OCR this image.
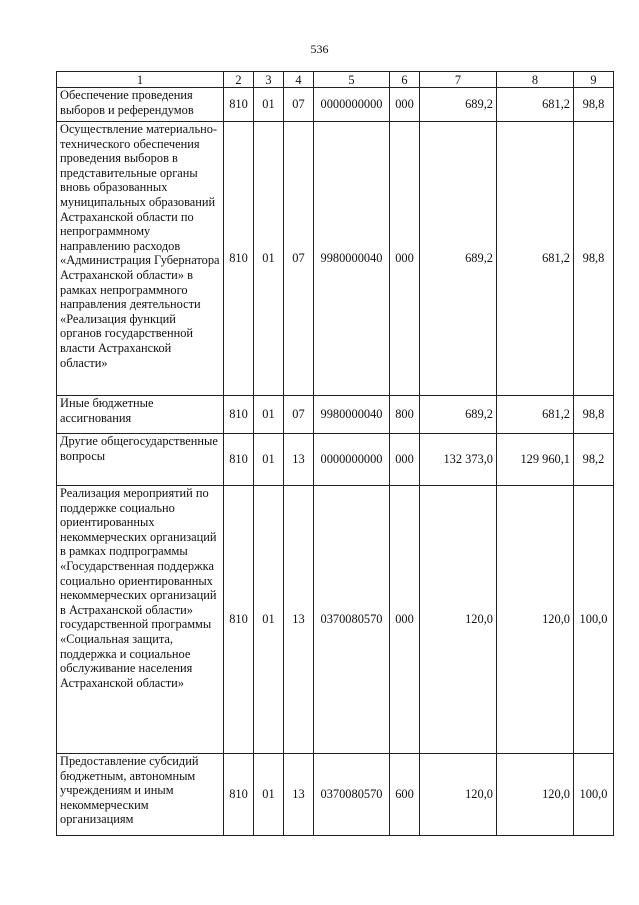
536
1	2	3	4	5	6	7	8	9
Обеспечение проведения выборов и референдумов	810	01	07	0000000000	000	689,2	681,2	98,8
Осуществление материально-технического обеспечения проведения выборов в представительные органы вновь образованных муниципальных образований Астраханской области по непрограммному направлению расходов «Администрация Губернатора Астраханской области» в рамках непрограммного направления деятельности «Реализация функций органов государственной власти Астраханской области»	810	01	07	9980000040	000	689,2	681,2	98,8
Иные бюджетные ассигнования	810	01	07	9980000040	800	689,2	681,2	98,8
Другие общегосударственные вопросы	810	01	13	0000000000	000	132 373,0	129 960,1	98,2
Реализация мероприятий по поддержке социально ориентированных некоммерческих организаций в рамках подпрограммы «Государственная поддержка социально ориентированных некоммерческих организаций в Астраханской области» государственной программы «Социальная защита, поддержка и социальное обслуживание населения Астраханской области»	810	01	13	0370080570	000	120,0	120,0	100,0
Предоставление субсидий бюджетным, автономным учреждениям и иным некоммерческим организациям	810	01	13	0370080570	600	120,0	120,0	100,0
